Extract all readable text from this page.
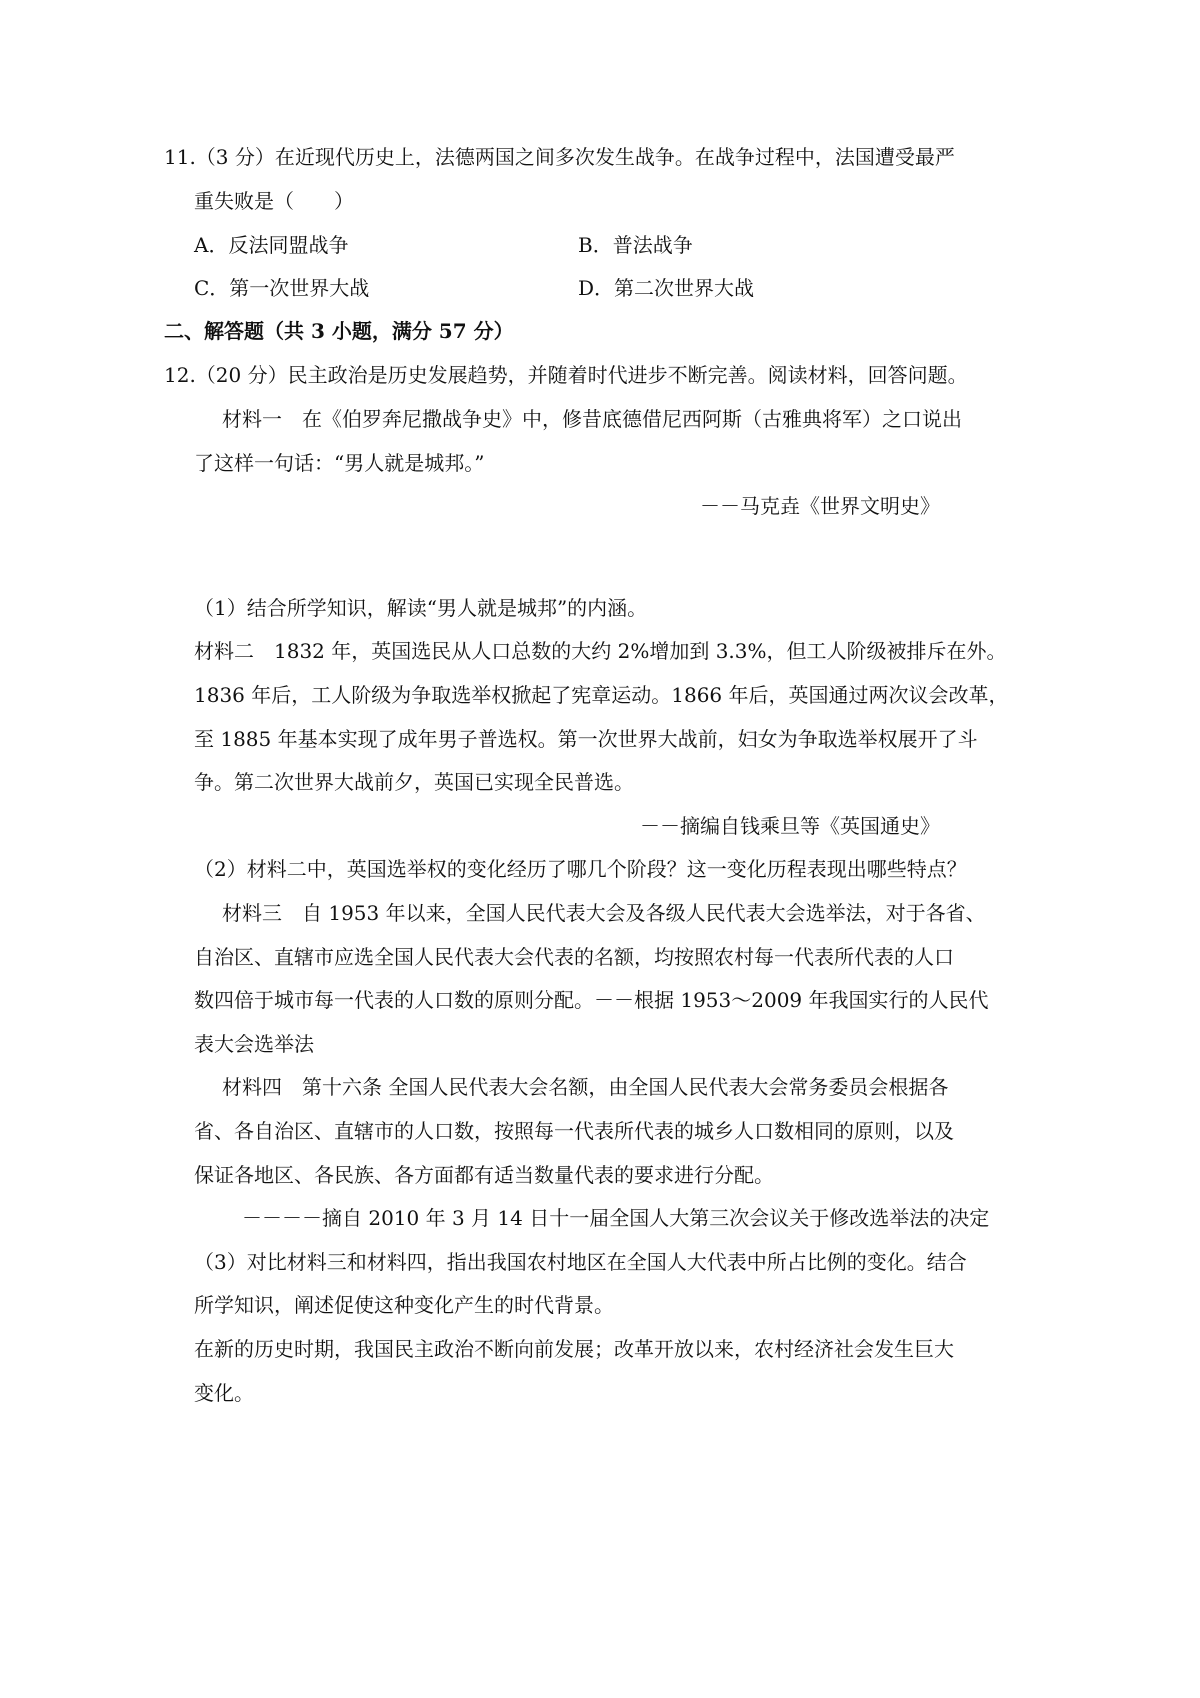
11.（3 分）在近现代历史上，法德两国之间多次发生战争。在战争过程中，法国遭受最严
重失败是（　　）
A．反法同盟战争	B．普法战争
C．第一次世界大战	D．第二次世界大战
二、解答题（共 3 小题，满分 57 分）
12.（20 分）民主政治是历史发展趋势，并随着时代进步不断完善。阅读材料，回答问题。
材料一　在《伯罗奔尼撒战争史》中，修昔底德借尼西阿斯（古雅典将军）之口说出
了这样一句话：“男人就是城邦。”
－－马克垚《世界文明史》
（1）结合所学知识，解读“男人就是城邦”的内涵。
材料二　1832 年，英国选民从人口总数的大约 2%增加到 3.3%，但工人阶级被排斥在外。
1836 年后，工人阶级为争取选举权掀起了宪章运动。1866 年后，英国通过两次议会改革，
至 1885 年基本实现了成年男子普选权。第一次世界大战前，妇女为争取选举权展开了斗
争。第二次世界大战前夕，英国已实现全民普选。
－－摘编自钱乘旦等《英国通史》
（2）材料二中，英国选举权的变化经历了哪几个阶段？这一变化历程表现出哪些特点？
材料三　自 1953 年以来，全国人民代表大会及各级人民代表大会选举法，对于各省、
自治区、直辖市应选全国人民代表大会代表的名额，均按照农村每一代表所代表的人口
数四倍于城市每一代表的人口数的原则分配。－－根据 1953～2009 年我国实行的人民代
表大会选举法
材料四　第十六条 全国人民代表大会名额，由全国人民代表大会常务委员会根据各
省、各自治区、直辖市的人口数，按照每一代表所代表的城乡人口数相同的原则，以及
保证各地区、各民族、各方面都有适当数量代表的要求进行分配。
－－－－摘自 2010 年 3 月 14 日十一届全国人大第三次会议关于修改选举法的决定
（3）对比材料三和材料四，指出我国农村地区在全国人大代表中所占比例的变化。结合
所学知识，阐述促使这种变化产生的时代背景。
在新的历史时期，我国民主政治不断向前发展；改革开放以来，农村经济社会发生巨大
变化。
